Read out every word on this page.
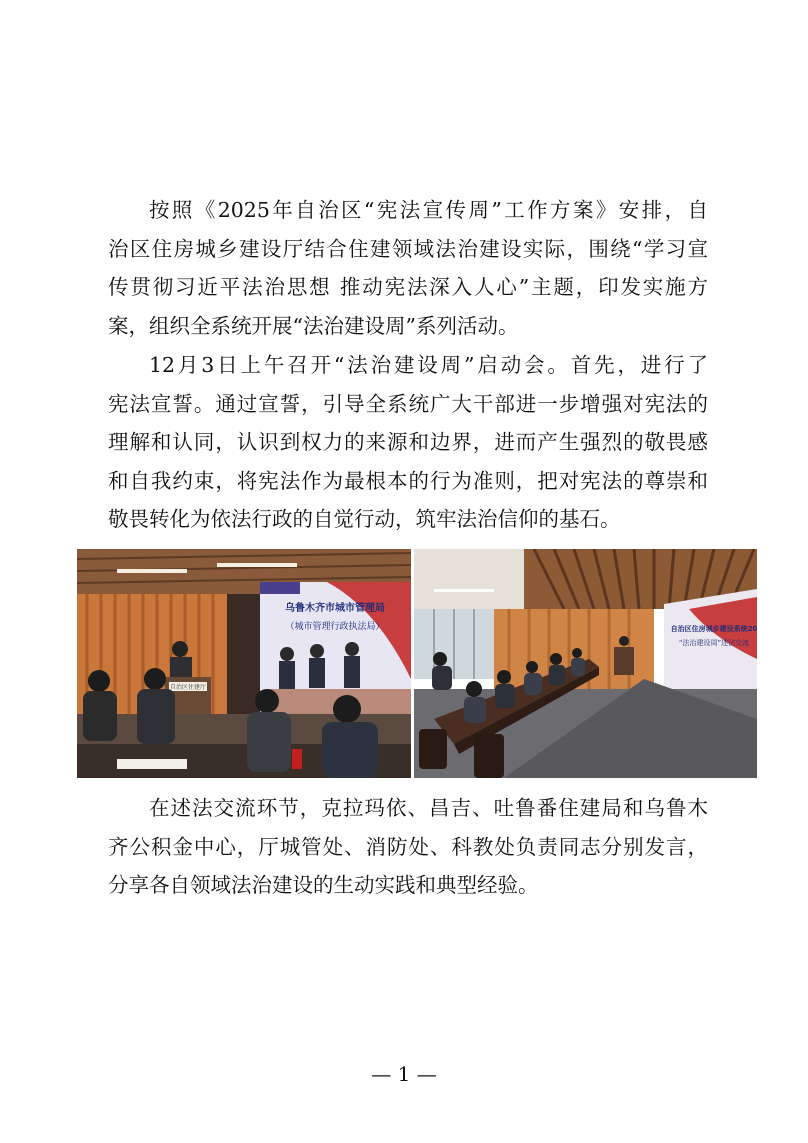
按照《2025年自治区“宪法宣传周”工作方案》安排，自
治区住房城乡建设厅结合住建领域法治建设实际，围绕“学习宣
传贯彻习近平法治思想 推动宪法深入人心”主题，印发实施方
案，组织全系统开展“法治建设周”系列活动。
12月3日上午召开“法治建设周”启动会。首先，进行了
宪法宣誓。通过宣誓，引导全系统广大干部进一步增强对宪法的
理解和认同，认识到权力的来源和边界，进而产生强烈的敬畏感
和自我约束，将宪法作为最根本的行为准则，把对宪法的尊崇和
敬畏转化为依法行政的自觉行动，筑牢法治信仰的基石。
乌鲁木齐市城市管理局
（城市管理行政执法局）
自治区住建厅
自治区住房城乡建设系统20
“法治建设周”述法交流
在述法交流环节，克拉玛依、昌吉、吐鲁番住建局和乌鲁木
齐公积金中心，厅城管处、消防处、科教处负责同志分别发言，
分享各自领域法治建设的生动实践和典型经验。
— 1 —
